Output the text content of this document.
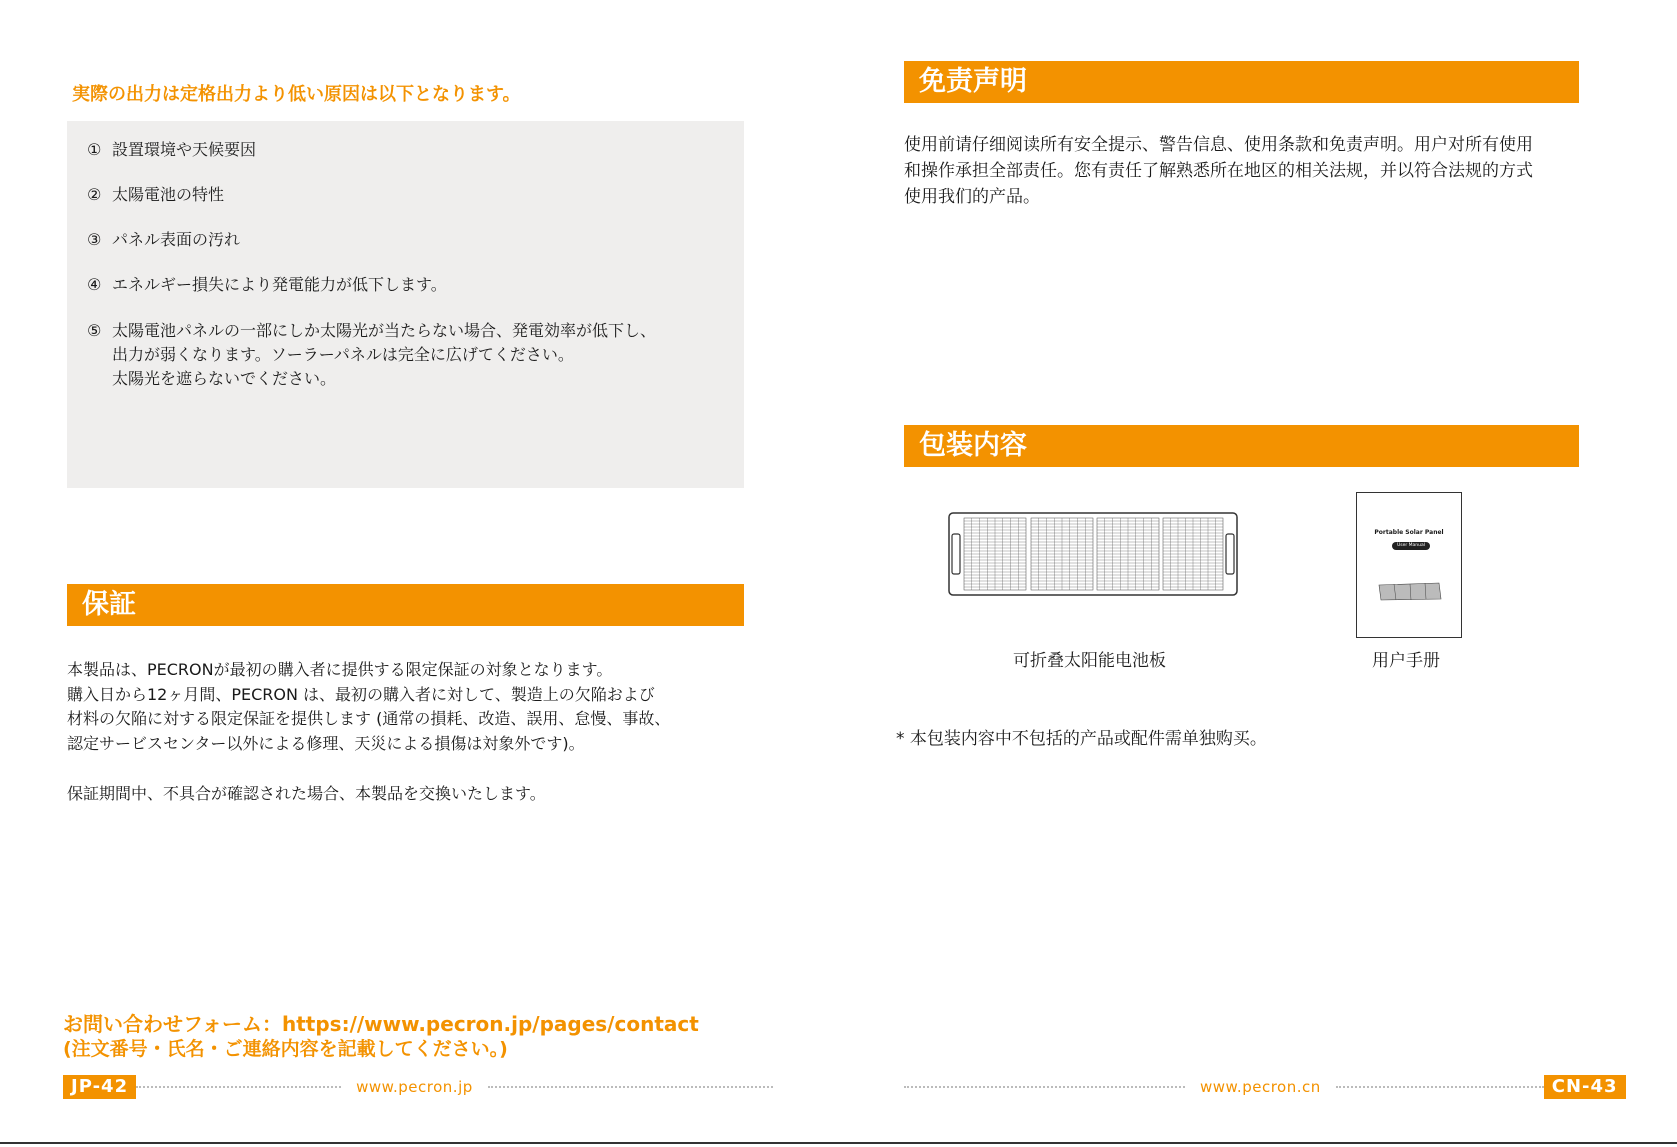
実際の出力は定格出力より低い原因は以下となります。
① 設置環境や天候要因
② 太陽電池の特性
③ パネル表面の汚れ
④ エネルギー損失により発電能力が低下します。
⑤ 太陽電池パネルの一部にしか太陽光が当たらない場合、発電効率が低下し、
出力が弱くなります。ソーラーパネルは完全に広げてください。
太陽光を遮らないでください。
保証
本製品は、PECRONが最初の購入者に提供する限定保証の対象となります。
購入日から12ヶ月間、PECRON は、最初の購入者に対して、製造上の欠陥および
材料の欠陥に対する限定保証を提供します (通常の損耗、改造、誤用、怠慢、事故、
認定サービスセンター以外による修理、天災による損傷は対象外です)。
保証期間中、不具合が確認された場合、本製品を交換いたします。
お問い合わせフォーム：https://www.pecron.jp/pages/contact
(注文番号・氏名・ご連絡内容を記載してください。)
JP-42	www.pecron.jp
免责声明
使用前请仔细阅读所有安全提示、警告信息、使用条款和免责声明。用户对所有使用
和操作承担全部责任。您有责任了解熟悉所在地区的相关法规，并以符合法规的方式
使用我们的产品。
包装内容
Portable Solar Panel
User Manual
可折叠太阳能电池板	用户手册
* 本包装内容中不包括的产品或配件需单独购买。
www.pecron.cn	CN-43
